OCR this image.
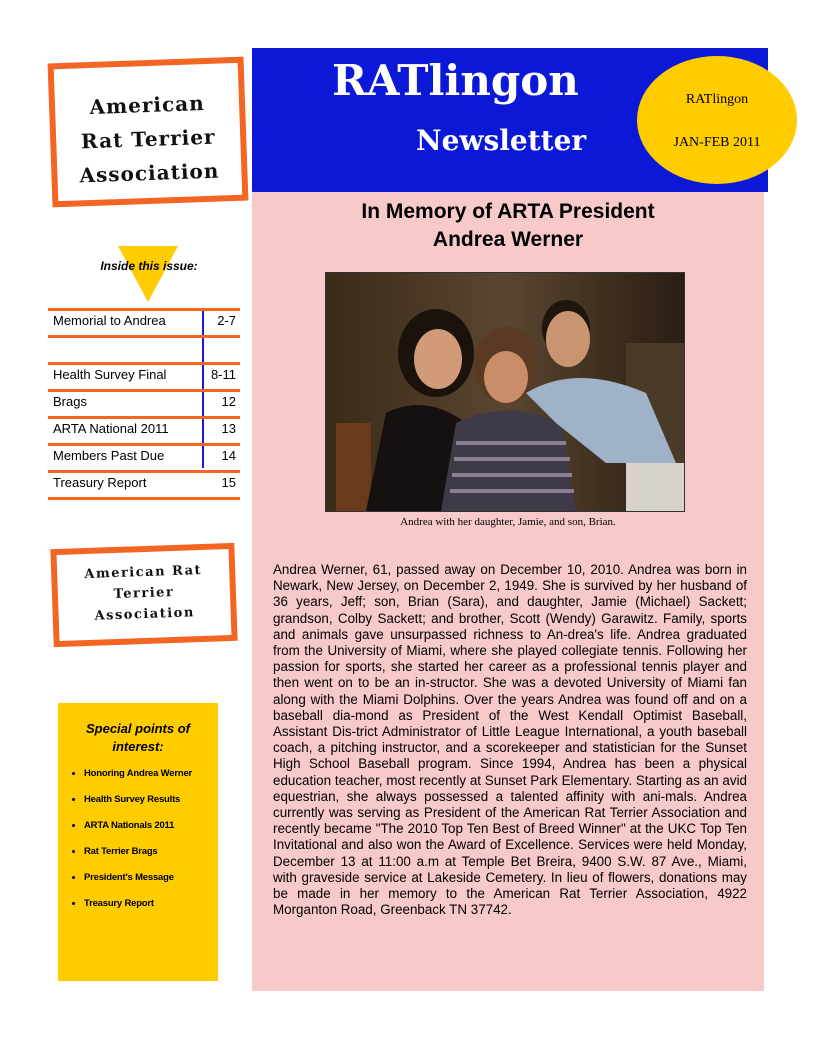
American
Rat Terrier
Association
Inside this issue:
Memorial to Andrea	2-7
Health Survey Final	8-11
Brags	12
ARTA National 2011	13
Members Past Due	14
Treasury Report	15
American Rat
Terrier
Association
Special points of
interest:
• Honoring Andrea Werner
• Health Survey Results
• ARTA Nationals 2011
• Rat Terrier Brags
• President's Message
• Treasury Report
RATlingon
Newsletter
RATlingon
JAN-FEB 2011
In Memory of ARTA President
Andrea Werner
Andrea with her daughter, Jamie, and son, Brian.
Andrea Werner, 61, passed away on December 10, 2010. Andrea was born in Newark, New Jersey, on December 2, 1949. She is survived by her husband of 36 years, Jeff; son, Brian (Sara), and daughter, Jamie (Michael) Sackett; grandson, Colby Sackett; and brother, Scott (Wendy) Garawitz. Family, sports and animals gave unsurpassed richness to An-drea's life. Andrea graduated from the University of Miami, where she played collegiate tennis. Following her passion for sports, she started her career as a professional tennis player and then went on to be an in-structor. She was a devoted University of Miami fan along with the Miami Dolphins. Over the years Andrea was found off and on a baseball dia-mond as President of the West Kendall Optimist Baseball, Assistant Dis-trict Administrator of Little League International, a youth baseball coach, a pitching instructor, and a scorekeeper and statistician for the Sunset High School Baseball program. Since 1994, Andrea has been a physical education teacher, most recently at Sunset Park Elementary. Starting as an avid equestrian, she always possessed a talented affinity with ani-mals. Andrea currently was serving as President of the American Rat Terrier Association and recently became "The 2010 Top Ten Best of Breed Winner" at the UKC Top Ten Invitational and also won the Award of Excellence. Services were held Monday, December 13 at 11:00 a.m at Temple Bet Breira, 9400 S.W. 87 Ave., Miami, with graveside service at Lakeside Cemetery. In lieu of flowers, donations may be made in her memory to the American Rat Terrier Association, 4922 Morganton Road, Greenback TN 37742.
